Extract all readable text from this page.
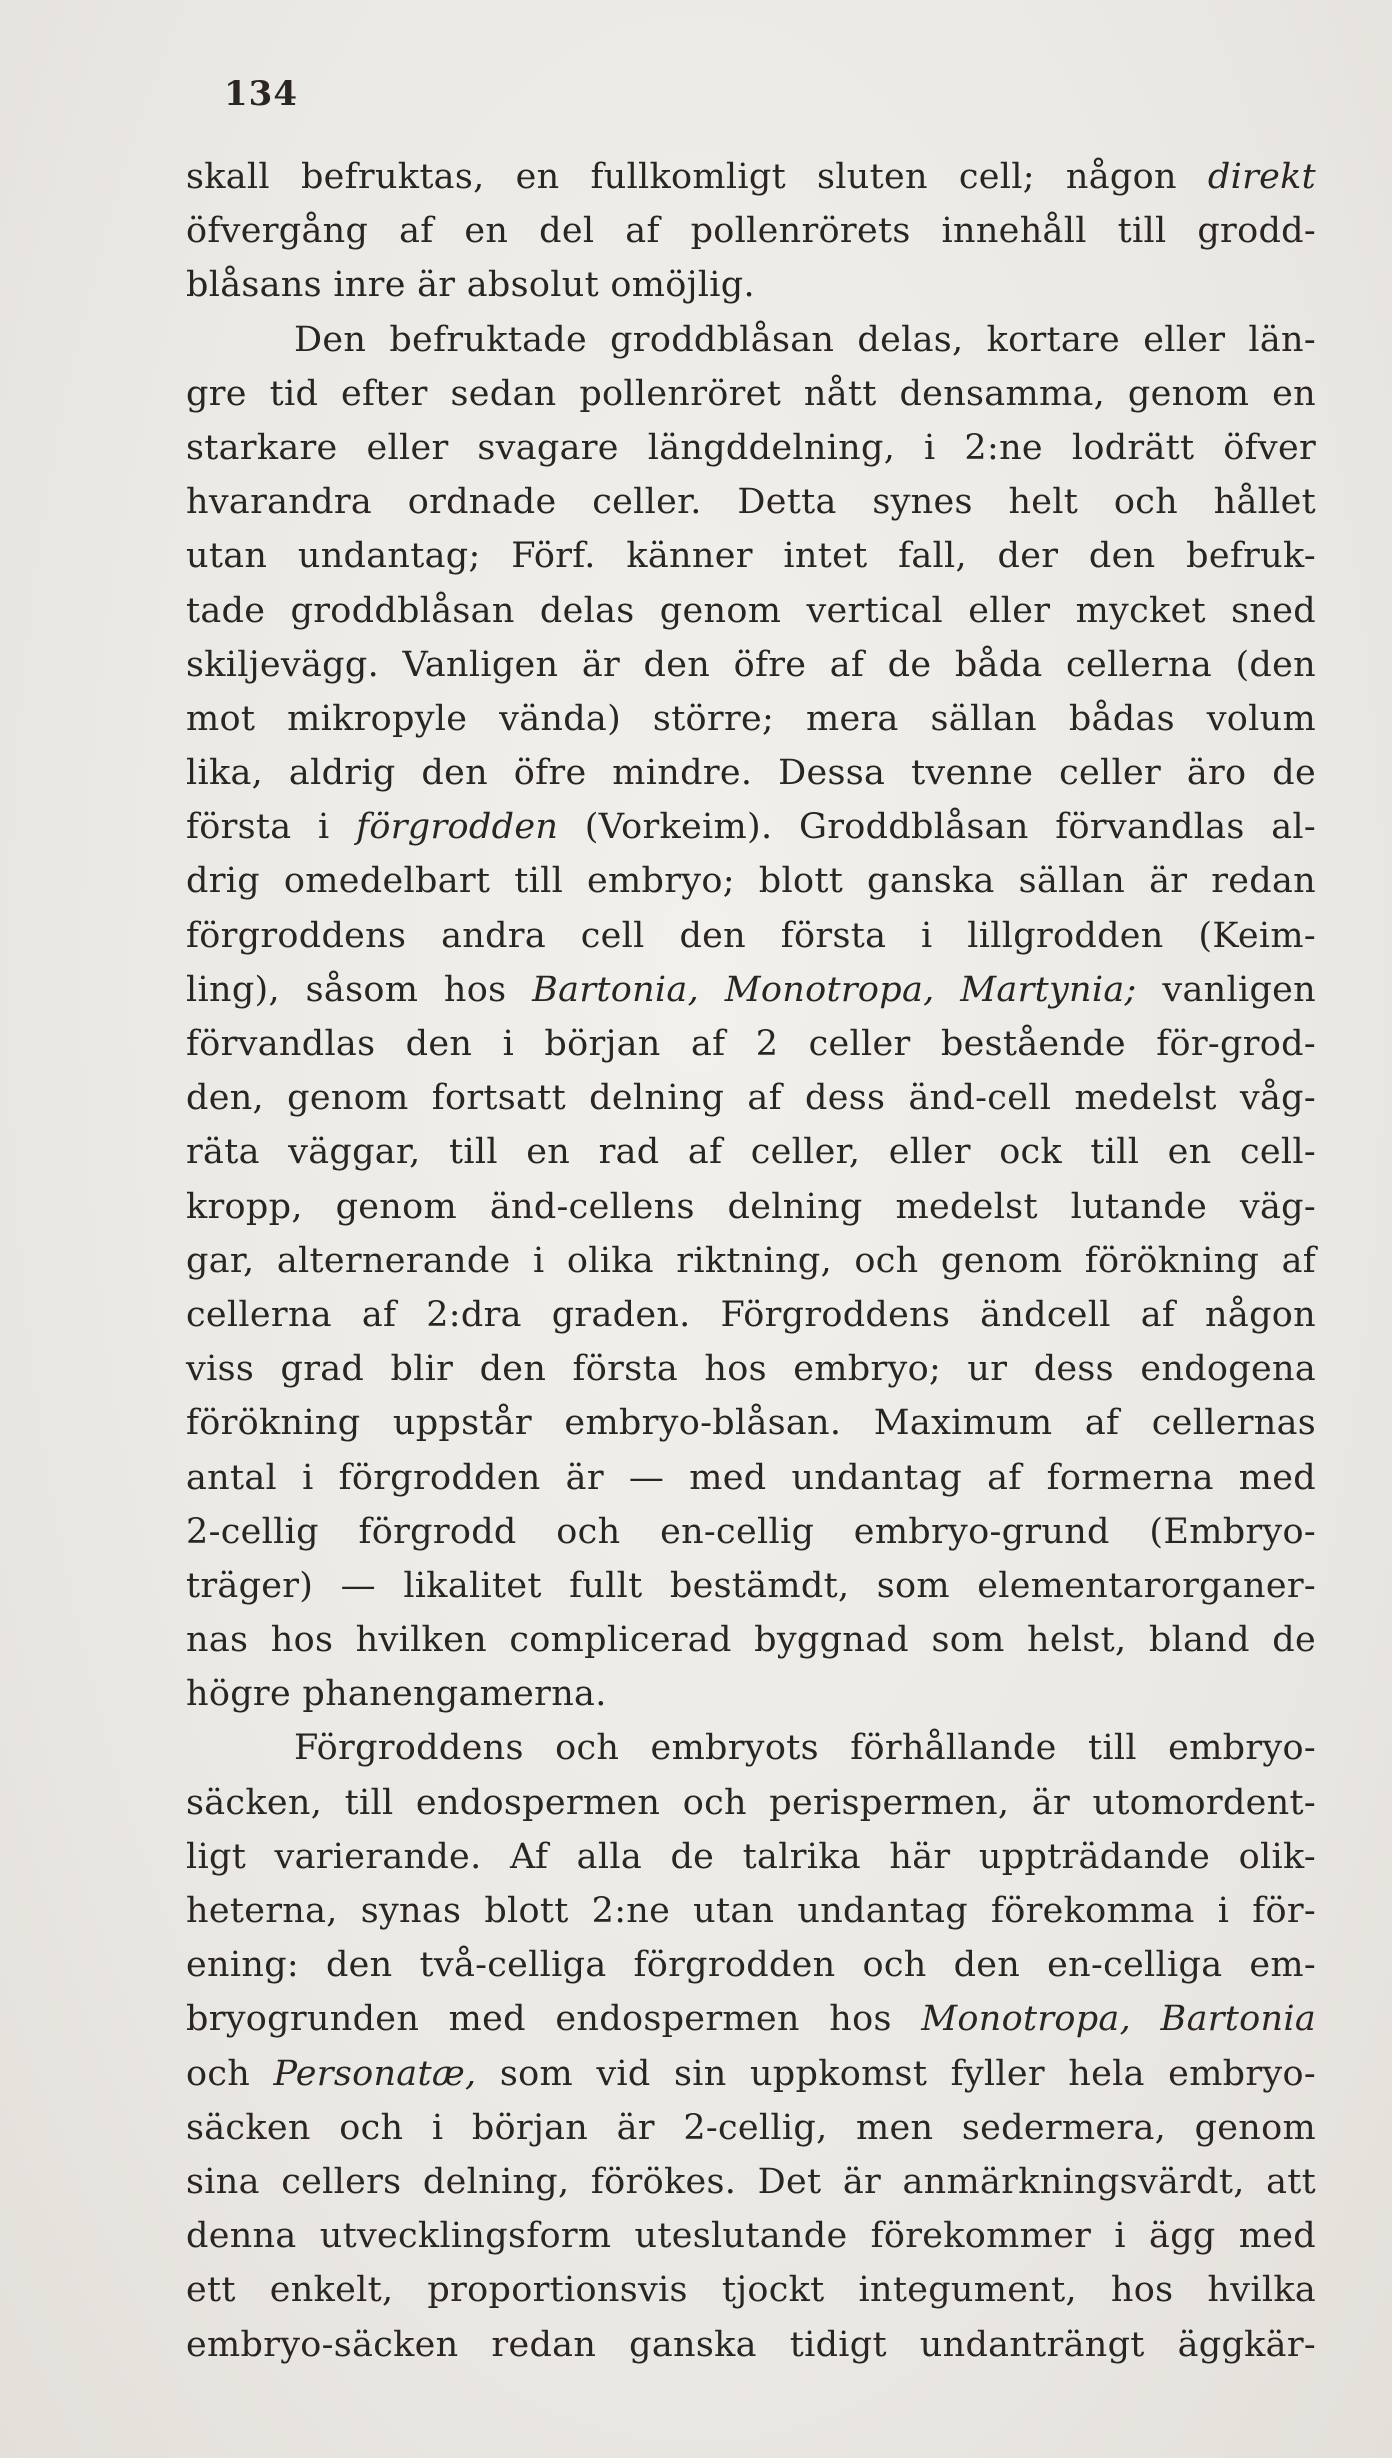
134
skall befruktas, en fullkomligt sluten cell; någon direkt
öfvergång af en del af pollenrörets innehåll till grodd-
blåsans inre är absolut omöjlig.
Den befruktade groddblåsan delas, kortare eller län-
gre tid efter sedan pollenröret nått densamma, genom en
starkare eller svagare längddelning, i 2:ne lodrätt öfver
hvarandra ordnade celler. Detta synes helt och hållet
utan undantag; Förf. känner intet fall, der den befruk-
tade groddblåsan delas genom vertical eller mycket sned
skiljevägg. Vanligen är den öfre af de båda cellerna (den
mot mikropyle vända) större; mera sällan bådas volum
lika, aldrig den öfre mindre. Dessa tvenne celler äro de
första i förgrodden (Vorkeim). Groddblåsan förvandlas al-
drig omedelbart till embryo; blott ganska sällan är redan
förgroddens andra cell den första i lillgrodden (Keim-
ling), såsom hos Bartonia, Monotropa, Martynia; vanligen
förvandlas den i början af 2 celler bestående för-grod-
den, genom fortsatt delning af dess änd-cell medelst våg-
räta väggar, till en rad af celler, eller ock till en cell-
kropp, genom änd-cellens delning medelst lutande väg-
gar, alternerande i olika riktning, och genom förökning af
cellerna af 2:dra graden. Förgroddens ändcell af någon
viss grad blir den första hos embryo; ur dess endogena
förökning uppstår embryo-blåsan. Maximum af cellernas
antal i förgrodden är — med undantag af formerna med
2-cellig förgrodd och en-cellig embryo-grund (Embryo-
träger) — likalitet fullt bestämdt, som elementarorganer-
nas hos hvilken complicerad byggnad som helst, bland de
högre phanengamerna.
Förgroddens och embryots förhållande till embryo-
säcken, till endospermen och perispermen, är utomordent-
ligt varierande. Af alla de talrika här uppträdande olik-
heterna, synas blott 2:ne utan undantag förekomma i för-
ening: den två-celliga förgrodden och den en-celliga em-
bryogrunden med endospermen hos Monotropa, Bartonia
och Personatæ, som vid sin uppkomst fyller hela embryo-
säcken och i början är 2-cellig, men sedermera, genom
sina cellers delning, förökes. Det är anmärkningsvärdt, att
denna utvecklingsform uteslutande förekommer i ägg med
ett enkelt, proportionsvis tjockt integument, hos hvilka
embryo-säcken redan ganska tidigt undanträngt äggkär-
